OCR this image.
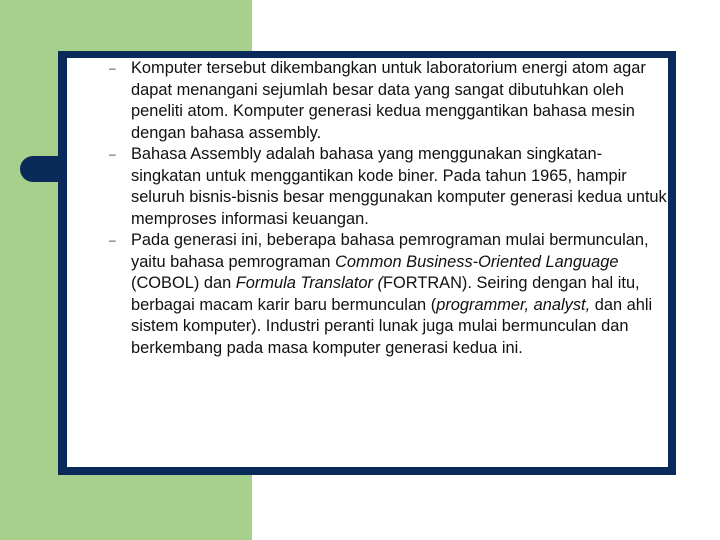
– Komputer tersebut dikembangkan untuk laboratorium energi atom agar dapat menangani sejumlah besar data yang sangat dibutuhkan oleh peneliti atom. Komputer generasi kedua menggantikan bahasa mesin dengan bahasa assembly.
– Bahasa Assembly adalah bahasa yang menggunakan singkatan-singkatan untuk menggantikan kode biner. Pada tahun 1965, hampir seluruh bisnis-bisnis besar menggunakan komputer generasi kedua untuk memproses informasi keuangan.
– Pada generasi ini, beberapa bahasa pemrograman mulai bermunculan, yaitu bahasa pemrograman Common Business-Oriented Language (COBOL) dan Formula Translator (FORTRAN). Seiring dengan hal itu, berbagai macam karir baru bermunculan (programmer, analyst, dan ahli sistem komputer). Industri peranti lunak juga mulai bermunculan dan berkembang pada masa komputer generasi kedua ini.
